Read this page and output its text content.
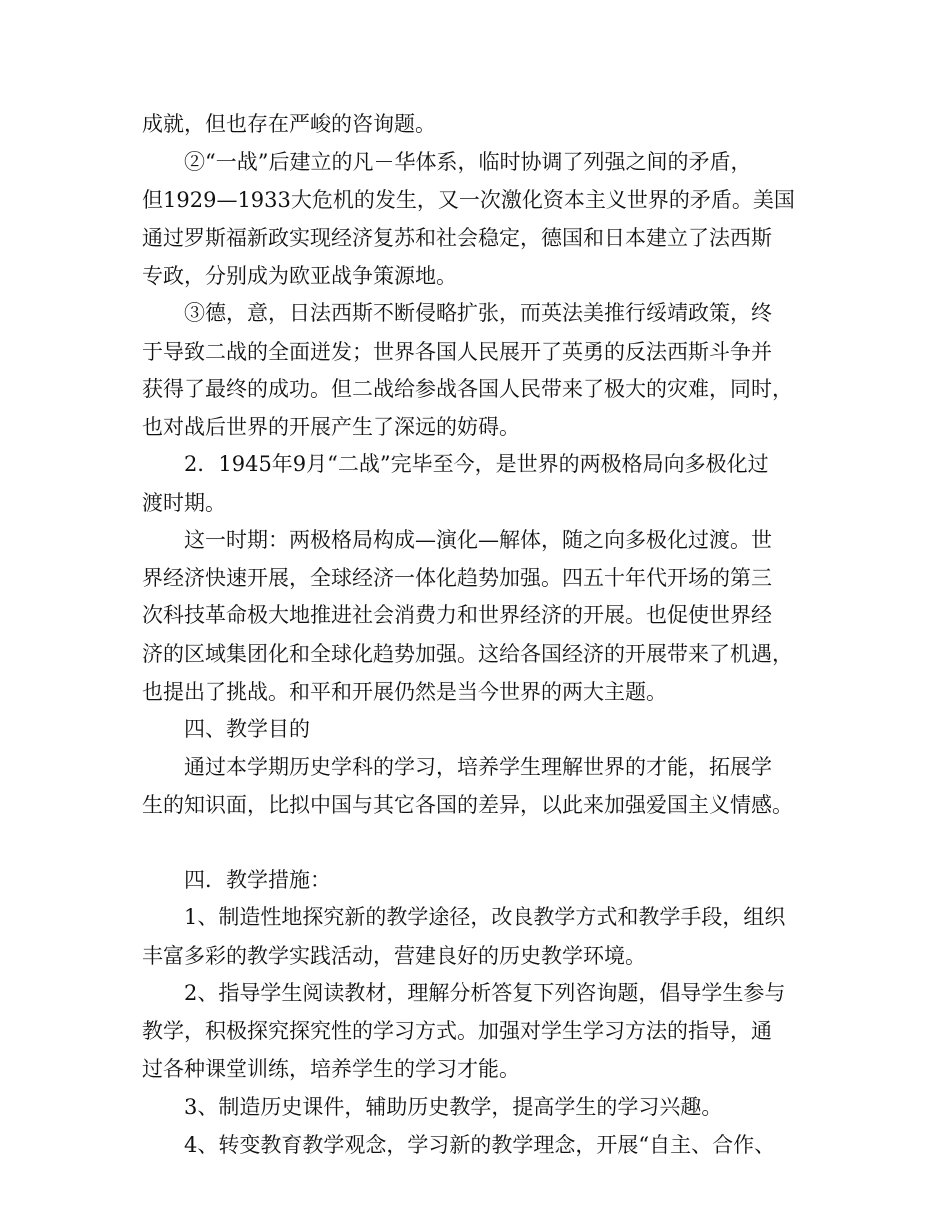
成就，但也存在严峻的咨询题。
②“一战”后建立的凡－华体系，临时协调了列强之间的矛盾，
但1929—1933大危机的发生，又一次激化资本主义世界的矛盾。美国
通过罗斯福新政实现经济复苏和社会稳定，德国和日本建立了法西斯
专政，分别成为欧亚战争策源地。
③德，意，日法西斯不断侵略扩张，而英法美推行绥靖政策，终
于导致二战的全面迸发；世界各国人民展开了英勇的反法西斯斗争并
获得了最终的成功。但二战给参战各国人民带来了极大的灾难，同时，
也对战后世界的开展产生了深远的妨碍。
2．1945年9月“二战”完毕至今，是世界的两极格局向多极化过
渡时期。
这一时期：两极格局构成—演化—解体，随之向多极化过渡。世
界经济快速开展，全球经济一体化趋势加强。四五十年代开场的第三
次科技革命极大地推进社会消费力和世界经济的开展。也促使世界经
济的区域集团化和全球化趋势加强。这给各国经济的开展带来了机遇，
也提出了挑战。和平和开展仍然是当今世界的两大主题。
四、教学目的
通过本学期历史学科的学习，培养学生理解世界的才能，拓展学
生的知识面，比拟中国与其它各国的差异，以此来加强爱国主义情感。
四．教学措施：
1、制造性地探究新的教学途径，改良教学方式和教学手段，组织
丰富多彩的教学实践活动，营建良好的历史教学环境。
2、指导学生阅读教材，理解分析答复下列咨询题，倡导学生参与
教学，积极探究探究性的学习方式。加强对学生学习方法的指导，通
过各种课堂训练，培养学生的学习才能。
3、制造历史课件，辅助历史教学，提高学生的学习兴趣。
4、转变教育教学观念，学习新的教学理念，开展“自主、合作、
